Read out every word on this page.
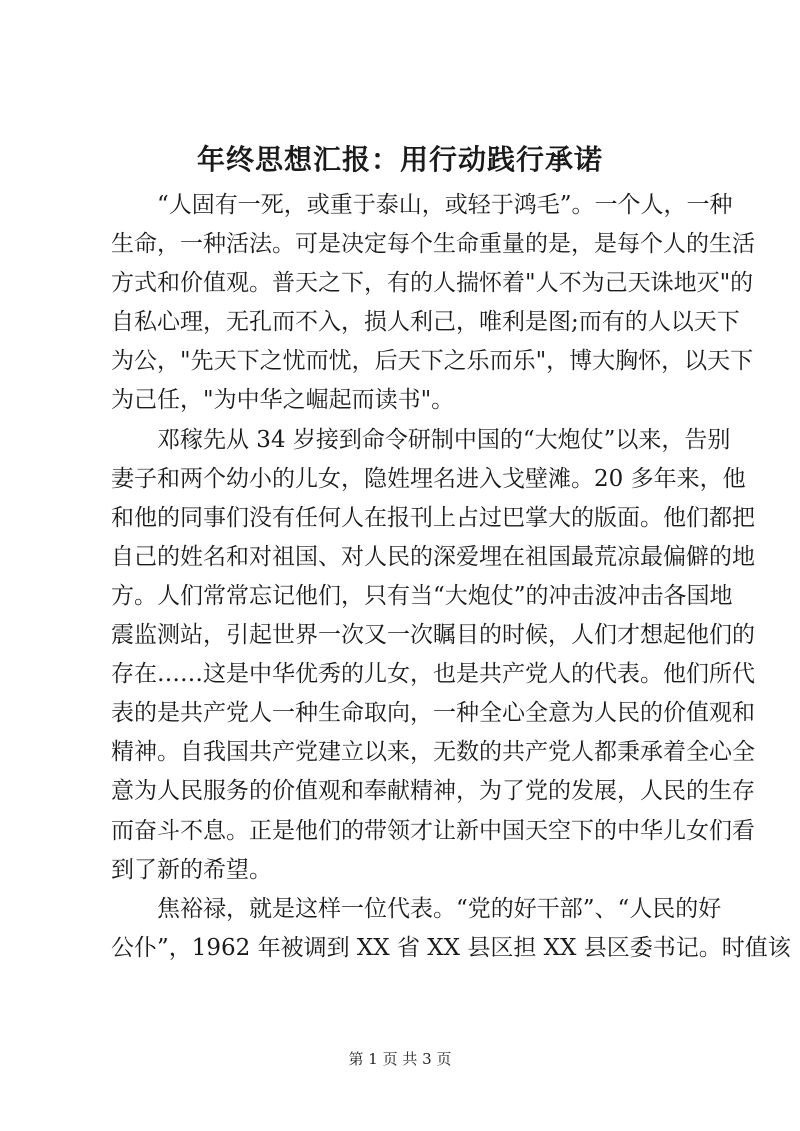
年终思想汇报：用行动践行承诺
“人固有一死，或重于泰山，或轻于鸿毛”。一个人，一种
生命，一种活法。可是决定每个生命重量的是，是每个人的生活
方式和价值观。普天之下，有的人揣怀着"人不为己天诛地灭"的
自私心理，无孔而不入，损人利己，唯利是图;而有的人以天下
为公，"先天下之忧而忧，后天下之乐而乐"，博大胸怀，以天下
为己任，"为中华之崛起而读书"。
邓稼先从 34 岁接到命令研制中国的“大炮仗”以来，告别
妻子和两个幼小的儿女，隐姓埋名进入戈壁滩。20 多年来，他
和他的同事们没有任何人在报刊上占过巴掌大的版面。他们都把
自己的姓名和对祖国、对人民的深爱埋在祖国最荒凉最偏僻的地
方。人们常常忘记他们，只有当“大炮仗”的冲击波冲击各国地
震监测站，引起世界一次又一次瞩目的时候，人们才想起他们的
存在……这是中华优秀的儿女，也是共产党人的代表。他们所代
表的是共产党人一种生命取向，一种全心全意为人民的价值观和
精神。自我国共产党建立以来，无数的共产党人都秉承着全心全
意为人民服务的价值观和奉献精神，为了党的发展，人民的生存
而奋斗不息。正是他们的带领才让新中国天空下的中华儿女们看
到了新的希望。
焦裕禄，就是这样一位代表。“党的好干部”、“人民的好
公仆”，1962 年被调到 XX 省 XX 县区担 XX 县区委书记。时值该
第 1 页 共 3 页
